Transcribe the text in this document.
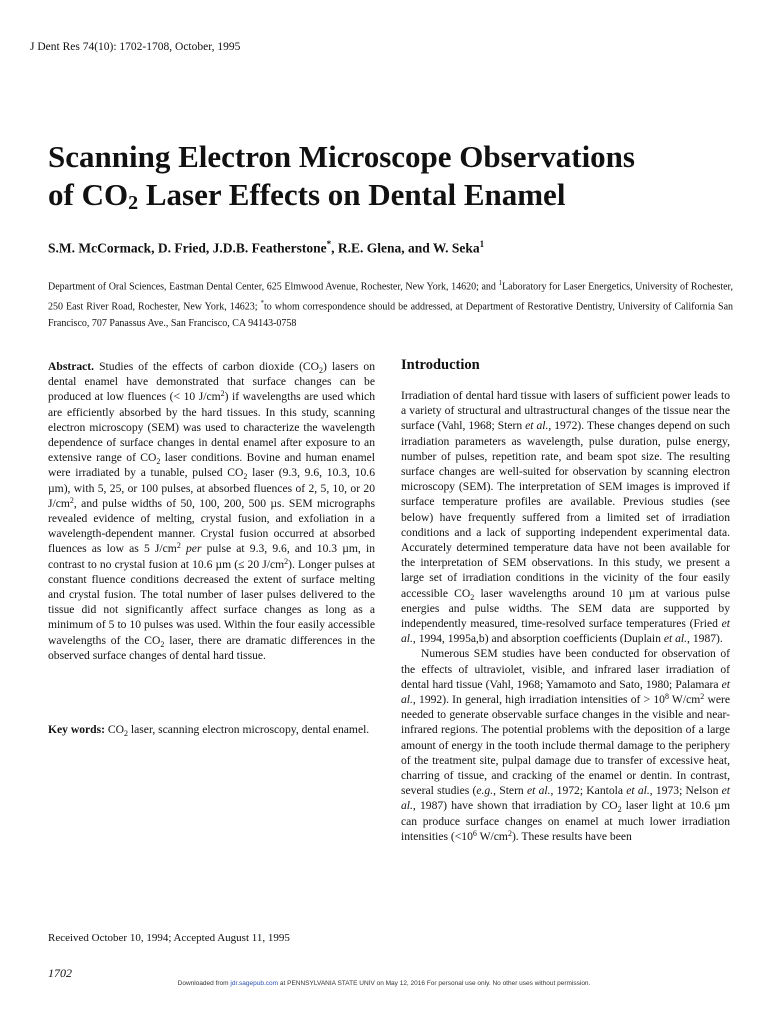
J Dent Res 74(10): 1702-1708, October, 1995
Scanning Electron Microscope Observations
of $CO_2$ Laser Effects on Dental Enamel
S.M. McCormack, D. Fried, J.D.B. Featherstone*, R.E. Glena, and W. Seka$^1$
Department of Oral Sciences, Eastman Dental Center, 625 Elmwood Avenue, Rochester, New York, 14620; and $^1$Laboratory for Laser Energetics, University of Rochester, 250 East River Road, Rochester, New York, 14623; *to whom correspondence should be addressed, at Department of Restorative Dentistry, University of California San Francisco, 707 Panassus Ave., San Francisco, CA 94143-0758
Abstract. Studies of the effects of carbon dioxide $(CO_2)$ lasers on dental enamel have demonstrated that surface changes can be produced at low fluences (< 10 $J/cm^2$) if wavelengths are used which are efficiently absorbed by the hard tissues. In this study, scanning electron microscopy (SEM) was used to characterize the wavelength dependence of surface changes in dental enamel after exposure to an extensive range of $CO_2$ laser conditions. Bovine and human enamel were irradiated by a tunable, pulsed $CO_2$ laser (9.3, 9.6, 10.3, 10.6 µm), with 5, 25, or 100 pulses, at absorbed fluences of 2, 5, 10, or 20 $J/cm^2$, and pulse widths of 50, 100, 200, 500 µs. SEM micrographs revealed evidence of melting, crystal fusion, and exfoliation in a wavelength-dependent manner. Crystal fusion occurred at absorbed fluences as low as 5 $J/cm^2$ per pulse at 9.3, 9.6, and 10.3 µm, in contrast to no crystal fusion at 10.6 µm (≤ 20 $J/cm^2$). Longer pulses at constant fluence conditions decreased the extent of surface melting and crystal fusion. The total number of laser pulses delivered to the tissue did not significantly affect surface changes as long as a minimum of 5 to 10 pulses was used. Within the four easily accessible wavelengths of the $CO_2$ laser, there are dramatic differences in the observed surface changes of dental hard tissue.
Key words: $CO_2$ laser, scanning electron microscopy, dental enamel.
Received October 10, 1994; Accepted August 11, 1995
Introduction

Irradiation of dental hard tissue with lasers of sufficient power leads to a variety of structural and ultrastructural changes of the tissue near the surface (Vahl, 1968; Stern et al., 1972). These changes depend on such irradiation parameters as wavelength, pulse duration, pulse energy, number of pulses, repetition rate, and beam spot size. The resulting surface changes are well-suited for observation by scanning electron microscopy (SEM). The interpretation of SEM images is improved if surface temperature profiles are available. Previous studies (see below) have frequently suffered from a limited set of irradiation conditions and a lack of supporting independent experimental data. Accurately determined temperature data have not been available for the interpretation of SEM observations. In this study, we present a large set of irradiation conditions in the vicinity of the four easily accessible $CO_2$ laser wavelengths around 10 µm at various pulse energies and pulse widths. The SEM data are supported by independently measured, time-resolved surface temperatures (Fried et al., 1994, 1995a,b) and absorption coefficients (Duplain et al., 1987).

Numerous SEM studies have been conducted for observation of the effects of ultraviolet, visible, and infrared laser irradiation of dental hard tissue (Vahl, 1968; Yamamoto and Sato, 1980; Palamara et al., 1992). In general, high irradiation intensities of > $10^8$ $W/cm^2$ were needed to generate observable surface changes in the visible and near-infrared regions. The potential problems with the deposition of a large amount of energy in the tooth include thermal damage to the periphery of the treatment site, pulpal damage due to transfer of excessive heat, charring of tissue, and cracking of the enamel or dentin. In contrast, several studies (e.g., Stern et al., 1972; Kantola et al., 1973; Nelson et al., 1987) have shown that irradiation by $CO_2$ laser light at 10.6 µm can produce surface changes on enamel at much lower irradiation intensities ($<10^6$ $W/cm^2$). These results have been

1702
Downloaded from jdr.sagepub.com at PENNSYLVANIA STATE UNIV on May 12, 2016 For personal use only. No other uses without permission.
